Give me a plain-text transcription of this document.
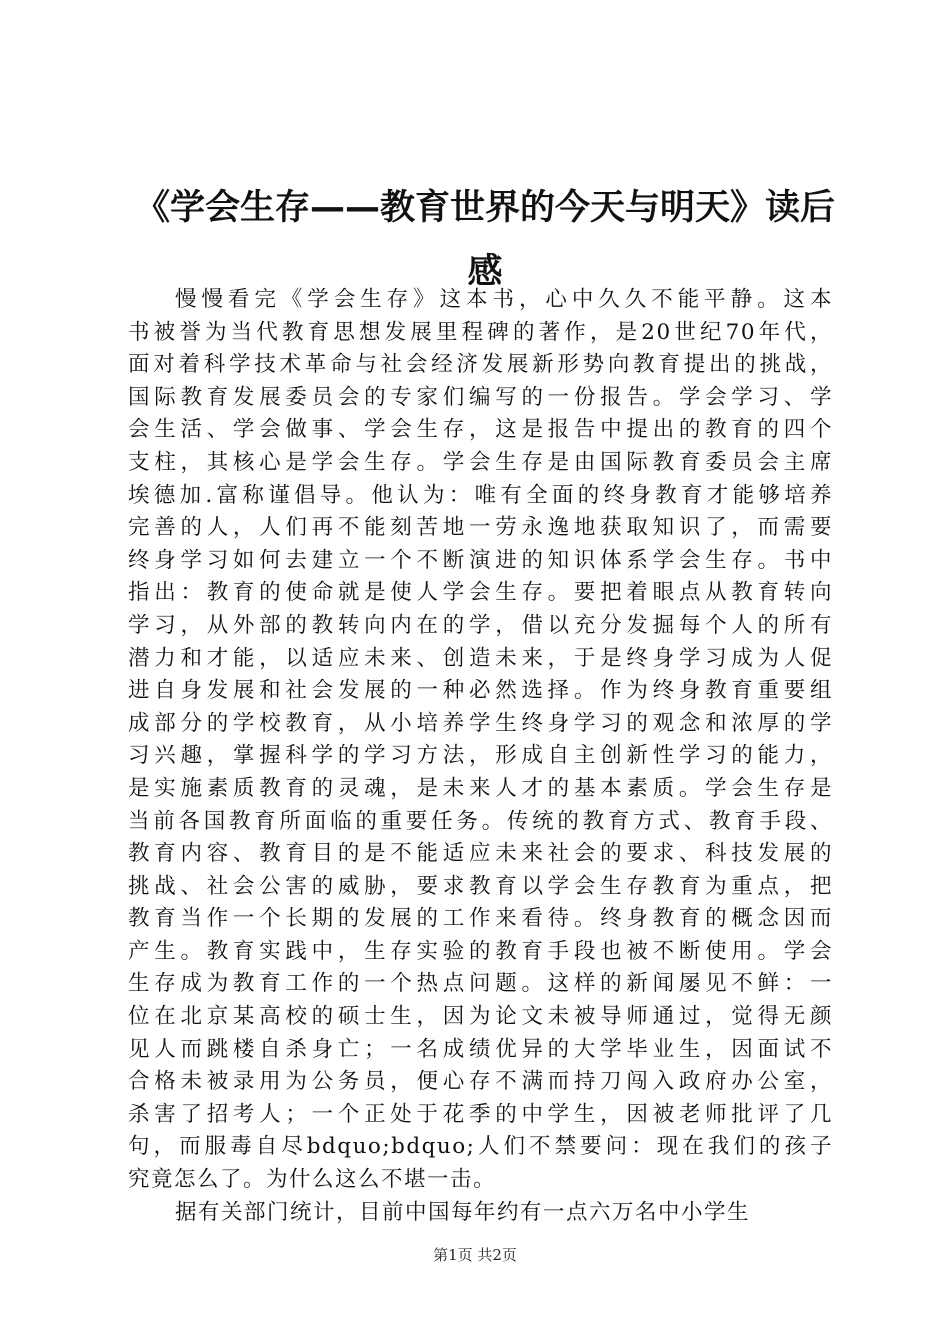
《学会生存——教育世界的今天与明天》读后
感
慢慢看完《学会生存》这本书，心中久久不能平静。这本
书被誉为当代教育思想发展里程碑的著作，是20世纪70年代，
面对着科学技术革命与社会经济发展新形势向教育提出的挑战，
国际教育发展委员会的专家们编写的一份报告。学会学习、学
会生活、学会做事、学会生存，这是报告中提出的教育的四个
支柱，其核心是学会生存。学会生存是由国际教育委员会主席
埃德加.富称谨倡导。他认为：唯有全面的终身教育才能够培养
完善的人，人们再不能刻苦地一劳永逸地获取知识了，而需要
终身学习如何去建立一个不断演进的知识体系学会生存。书中
指出：教育的使命就是使人学会生存。要把着眼点从教育转向
学习，从外部的教转向内在的学，借以充分发掘每个人的所有
潜力和才能，以适应未来、创造未来，于是终身学习成为人促
进自身发展和社会发展的一种必然选择。作为终身教育重要组
成部分的学校教育，从小培养学生终身学习的观念和浓厚的学
习兴趣，掌握科学的学习方法，形成自主创新性学习的能力，
是实施素质教育的灵魂，是未来人才的基本素质。学会生存是
当前各国教育所面临的重要任务。传统的教育方式、教育手段、
教育内容、教育目的是不能适应未来社会的要求、科技发展的
挑战、社会公害的威胁，要求教育以学会生存教育为重点，把
教育当作一个长期的发展的工作来看待。终身教育的概念因而
产生。教育实践中，生存实验的教育手段也被不断使用。学会
生存成为教育工作的一个热点问题。这样的新闻屡见不鲜：一
位在北京某高校的硕士生，因为论文未被导师通过，觉得无颜
见人而跳楼自杀身亡；一名成绩优异的大学毕业生，因面试不
合格未被录用为公务员，便心存不满而持刀闯入政府办公室，
杀害了招考人；一个正处于花季的中学生，因被老师批评了几
句，而服毒自尽bdquo;bdquo;人们不禁要问：现在我们的孩子
究竟怎么了。为什么这么不堪一击。
据有关部门统计，目前中国每年约有一点六万名中小学生
第1页 共2页
